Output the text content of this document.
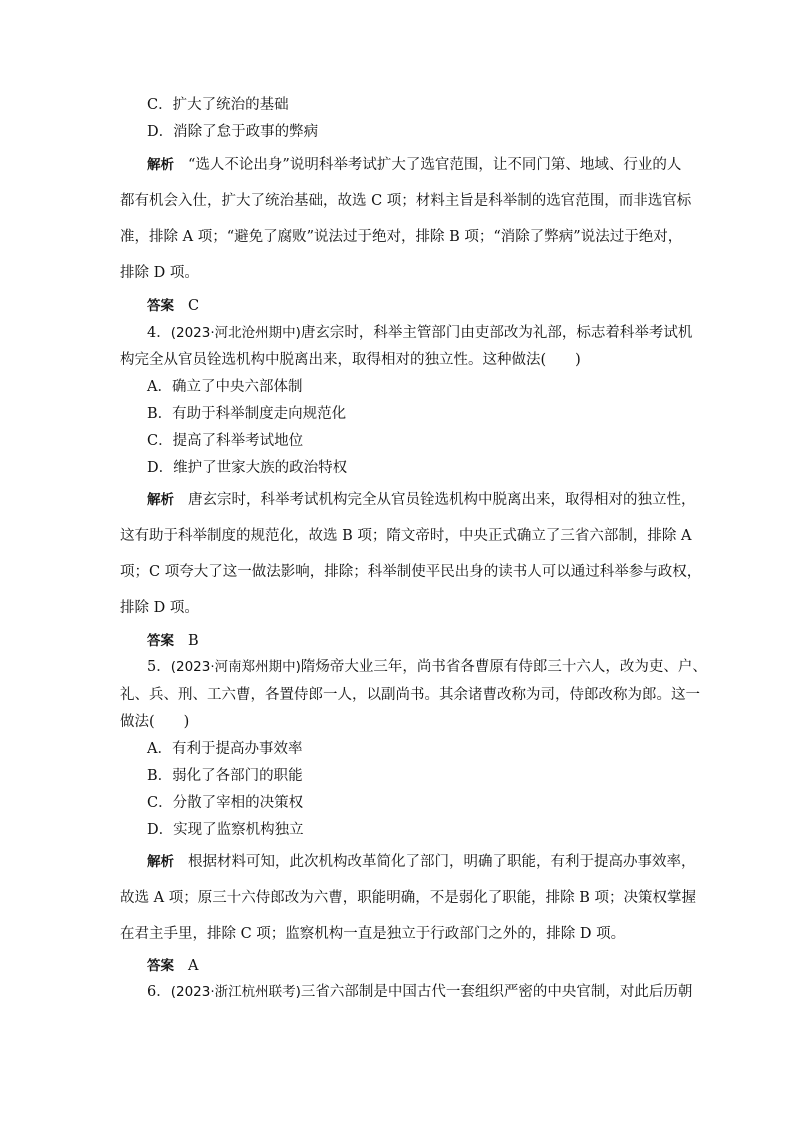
C．扩大了统治的基础
D．消除了怠于政事的弊病
解析 “选人不论出身”说明科举考试扩大了选官范围，让不同门第、地域、行业的人
都有机会入仕，扩大了统治基础，故选 C 项；材料主旨是科举制的选官范围，而非选官标
准，排除 A 项；“避免了腐败”说法过于绝对，排除 B 项；“消除了弊病”说法过于绝对，
排除 D 项。
答案 C
4．(2023·河北沧州期中)唐玄宗时，科举主管部门由吏部改为礼部，标志着科举考试机
构完全从官员铨选机构中脱离出来，取得相对的独立性。这种做法(　　)
A．确立了中央六部体制
B．有助于科举制度走向规范化
C．提高了科举考试地位
D．维护了世家大族的政治特权
解析 唐玄宗时，科举考试机构完全从官员铨选机构中脱离出来，取得相对的独立性，
这有助于科举制度的规范化，故选 B 项；隋文帝时，中央正式确立了三省六部制，排除 A
项；C 项夸大了这一做法影响，排除；科举制使平民出身的读书人可以通过科举参与政权，
排除 D 项。
答案 B
5．(2023·河南郑州期中)隋炀帝大业三年，尚书省各曹原有侍郎三十六人，改为吏、户、
礼、兵、刑、工六曹，各置侍郎一人，以副尚书。其余诸曹改称为司，侍郎改称为郎。这一
做法(　　)
A．有利于提高办事效率
B．弱化了各部门的职能
C．分散了宰相的决策权
D．实现了监察机构独立
解析 根据材料可知，此次机构改革简化了部门，明确了职能，有利于提高办事效率，
故选 A 项；原三十六侍郎改为六曹，职能明确，不是弱化了职能，排除 B 项；决策权掌握
在君主手里，排除 C 项；监察机构一直是独立于行政部门之外的，排除 D 项。
答案 A
6．(2023·浙江杭州联考)三省六部制是中国古代一套组织严密的中央官制，对此后历朝
